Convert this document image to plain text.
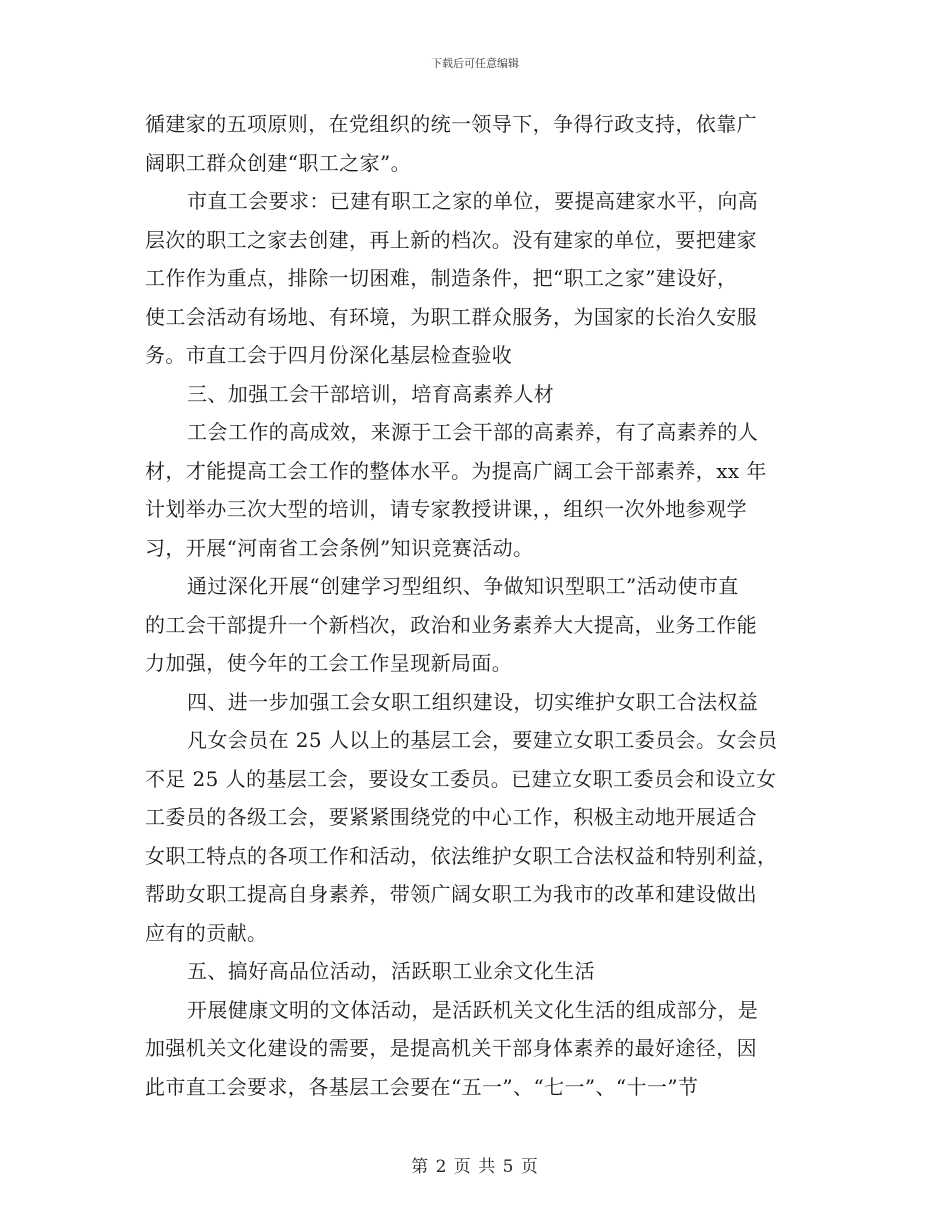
下载后可任意编辑
循建家的五项原则，在党组织的统一领导下，争得行政支持，依靠广
阔职工群众创建“职工之家”。
市直工会要求：已建有职工之家的单位，要提高建家水平，向高
层次的职工之家去创建，再上新的档次。没有建家的单位，要把建家
工作作为重点，排除一切困难，制造条件，把“职工之家”建设好，
使工会活动有场地、有环境，为职工群众服务，为国家的长治久安服
务。市直工会于四月份深化基层检查验收
三、加强工会干部培训，培育高素养人材
工会工作的高成效，来源于工会干部的高素养，有了高素养的人
材，才能提高工会工作的整体水平。为提高广阔工会干部素养，xx 年
计划举办三次大型的培训，请专家教授讲课，，组织一次外地参观学
习，开展“河南省工会条例”知识竞赛活动。
通过深化开展“创建学习型组织、争做知识型职工”活动使市直
的工会干部提升一个新档次，政治和业务素养大大提高，业务工作能
力加强，使今年的工会工作呈现新局面。
四、进一步加强工会女职工组织建设，切实维护女职工合法权益
凡女会员在 25 人以上的基层工会，要建立女职工委员会。女会员
不足 25 人的基层工会，要设女工委员。已建立女职工委员会和设立女
工委员的各级工会，要紧紧围绕党的中心工作，积极主动地开展适合
女职工特点的各项工作和活动，依法维护女职工合法权益和特别利益，
帮助女职工提高自身素养，带领广阔女职工为我市的改革和建设做出
应有的贡献。
五、搞好高品位活动，活跃职工业余文化生活
开展健康文明的文体活动，是活跃机关文化生活的组成部分，是
加强机关文化建设的需要，是提高机关干部身体素养的最好途径，因
此市直工会要求，各基层工会要在“五一”、“七一”、“十一”节
第 2 页 共 5 页
